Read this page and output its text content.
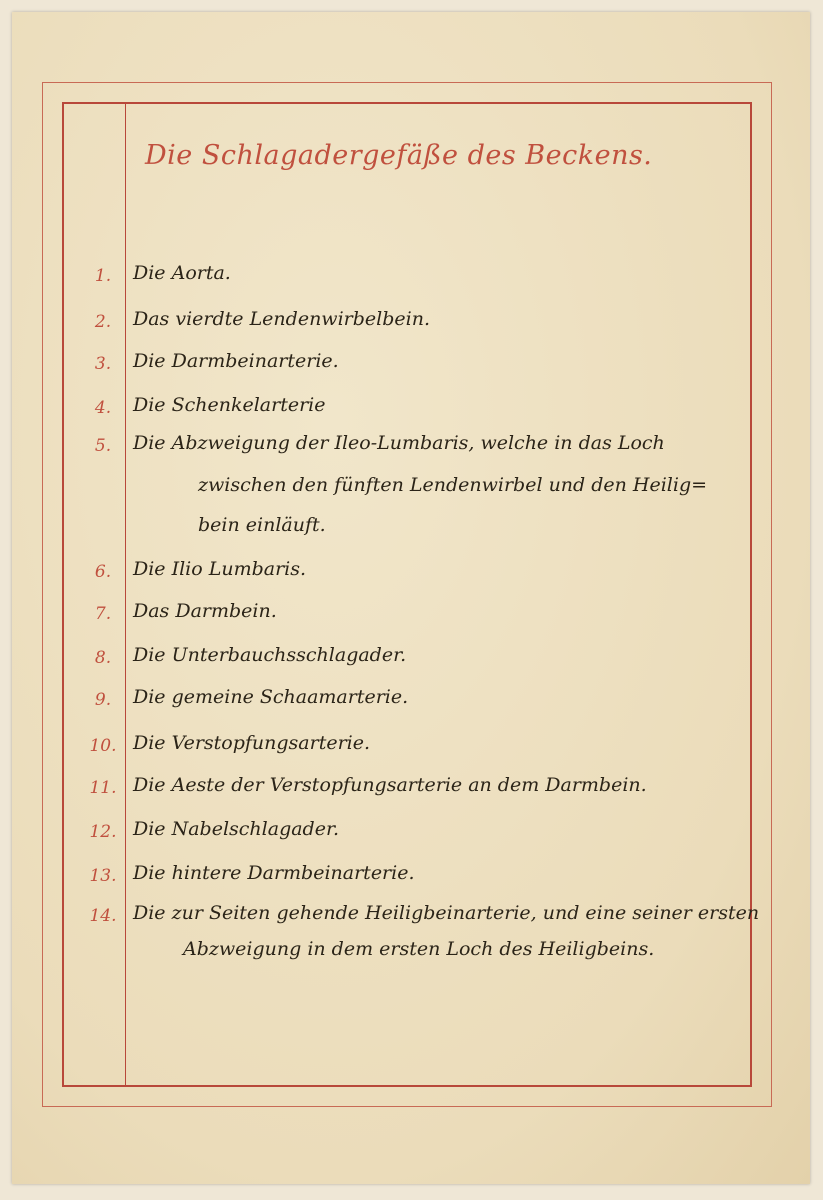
Die Schlagadergefäße des Beckens.
1.	Die Aorta.
2.	Das vierdte Lendenwirbelbein.
3.	Die Darmbeinarterie.
4.	Die Schenkelarterie
5.	Die Abzweigung der Ileo-Lumbaris, welche in das Loch
zwischen den fünften Lendenwirbel und den Heilig=
bein einläuft.
6.	Die Ilio Lumbaris.
7.	Das Darmbein.
8.	Die Unterbauchsschlagader.
9.	Die gemeine Schaamarterie.
10. Die Verstopfungsarterie.
11. Die Aeste der Verstopfungsarterie an dem Darmbein.
12. Die Nabelschlagader.
13. Die hintere Darmbeinarterie.
14. Die zur Seiten gehende Heiligbeinarterie, und eine seiner ersten
Abzweigung in dem ersten Loch des Heiligbeins.
